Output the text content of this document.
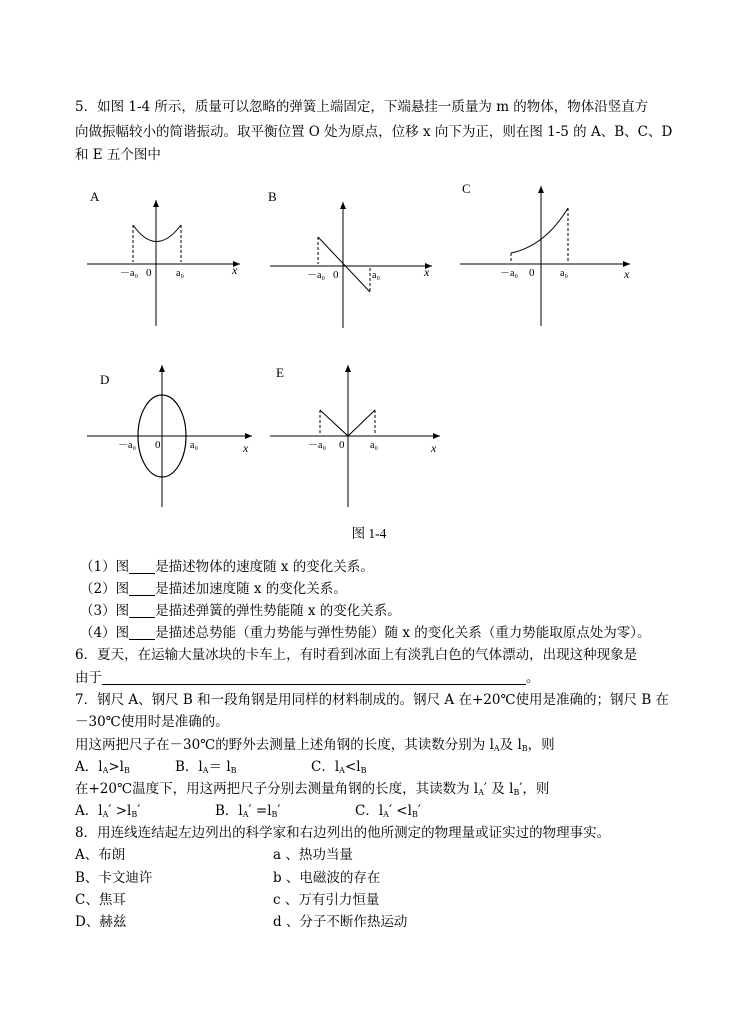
5．如图 1-4 所示，质量可以忽略的弹簧上端固定，下端悬挂一质量为 m 的物体，物体沿竖直方
向做振幅较小的简谐振动。取平衡位置 O 处为原点，位移 x 向下为正，则在图 1-5 的 A、B、C、D
和 E 五个图中
A
－a₀ 0 a₀	x
B
－a₀ 0	a₀	x
C
－a₀ 0	a₀	x
D
－a₀ 0	a₀	x
E
－a₀ 0	a₀	x
图 1-4
（1）图 是描述物体的速度随 x 的变化关系。
（2）图 是描述加速度随 x 的变化关系。
（3）图 是描述弹簧的弹性势能随 x 的变化关系。
（4）图 是描述总势能（重力势能与弹性势能）随 x 的变化关系（重力势能取原点处为零）。
6．夏天，在运输大量冰块的卡车上，有时看到冰面上有淡乳白色的气体漂动，出现这种现象是
由于	。
7．钢尺 A、钢尺 B 和一段角钢是用同样的材料制成的。钢尺 A 在+20℃使用是准确的；钢尺 B 在
－30℃使用时是准确的。
用这两把尺子在－30℃的野外去测量上述角钢的长度，其读数分别为 $l_A$及 $l_B$，则
A．$l_A>l_B$	B．$l_A= l_B$	C．$l_A<l_B$
在+20℃温度下，用这两把尺子分别去测量角钢的长度，其读数为 $l_A'$ 及 $l_B'$，则
A．$l_A' >l_B'$	B．$l_A' =l_B'$	C．$l_A' <l_B'$
8．用连线连结起左边列出的科学家和右边列出的他所测定的物理量或证实过的物理事实。
A、布朗	a 、热功当量
B、卡文迪许	b 、电磁波的存在
C、焦耳	c 、万有引力恒量
D、赫兹	d 、分子不断作热运动
